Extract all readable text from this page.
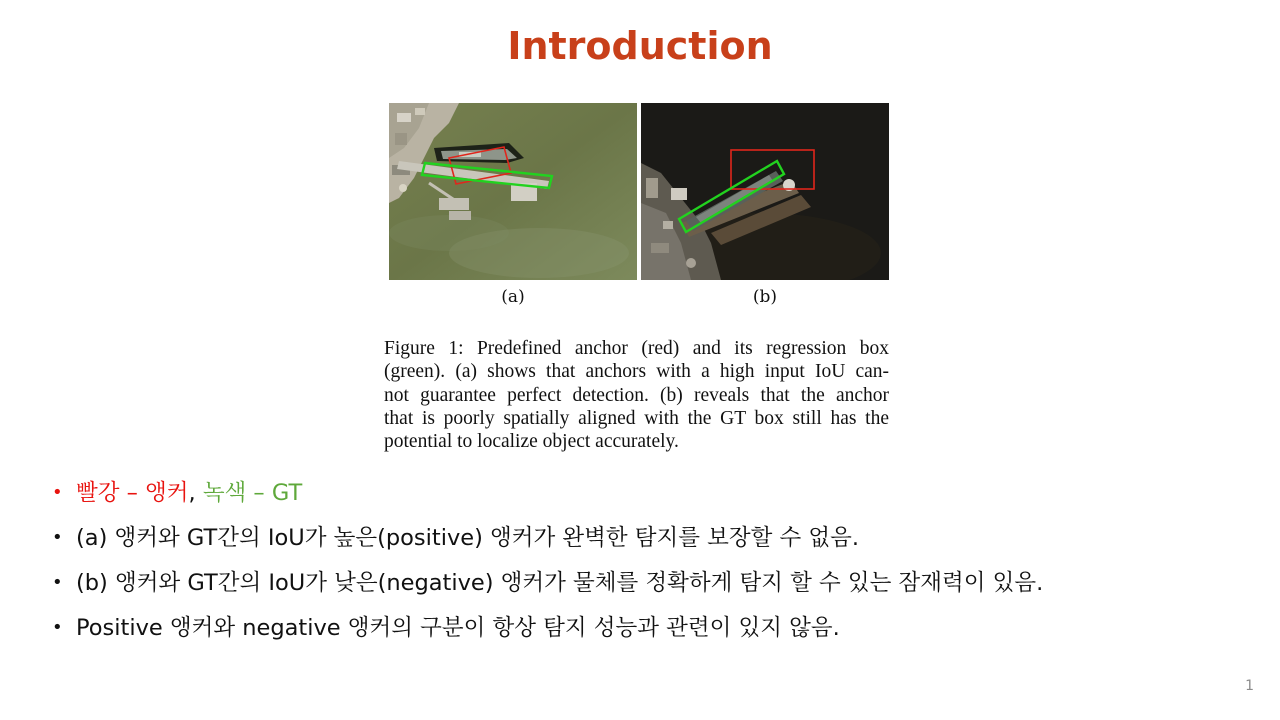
Introduction
(a)	(b)
Figure 1: Predefined anchor (red) and its regression box
(green). (a) shows that anchors with a high input IoU can-
not guarantee perfect detection. (b) reveals that the anchor
that is poorly spatially aligned with the GT box still has the
potential to localize object accurately.
• 빨강 – 앵커, 녹색 – GT
• (a) 앵커와 GT간의 IoU가 높은(positive) 앵커가 완벽한 탐지를 보장할 수 없음.
• (b) 앵커와 GT간의 IoU가 낮은(negative) 앵커가 물체를 정확하게 탐지 할 수 있는 잠재력이 있음.
• Positive 앵커와 negative 앵커의 구분이 항상 탐지 성능과 관련이 있지 않음.
1
